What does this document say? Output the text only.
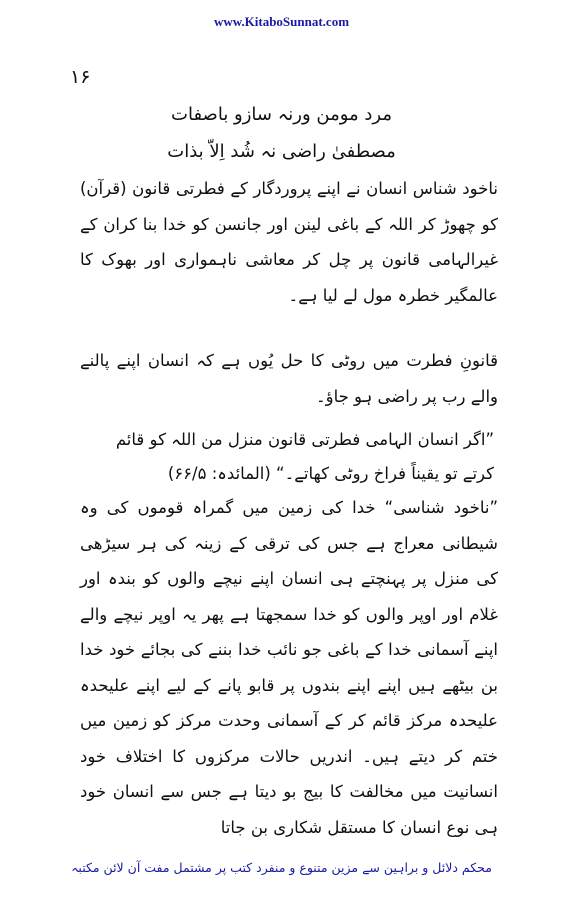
www.KitaboSunnat.com
۱۶
مرد مومن ورنہ سازو باصفات
مصطفیٰ راضی نہ شُد اِلاّ بذات

ناخود شناس انسان نے اپنے پروردگار کے فطرتی قانون (قرآن) کو چھوڑ کر اللہ کے باغی لینن اور جانسن کو خدا بنا کران کے غیرالہامی قانون پر چل کر معاشی ناہمواری اور بھوک کا عالمگیر خطرہ مول لے لیا ہے۔

قانونِ فطرت میں روٹی کا حل یُوں ہے کہ انسان اپنے پالنے والے رب پر راضی ہو جاؤ۔

”اگر انسان الہامی فطرتی قانون منزل من اللہ کو قائم کرتے تو یقیناً فراخ روٹی کھاتے۔“ (المائدہ: ۶۶/۵)

”ناخود شناسی“ خدا کی زمین میں گمراہ قوموں کی وہ شیطانی معراج ہے جس کی ترقی کے زینہ کی ہر سیڑھی کی منزل پر پہنچتے ہی انسان اپنے نیچے والوں کو بندہ اور غلام اور اوپر والوں کو خدا سمجھتا ہے پھر یہ اوپر نیچے والے اپنے آسمانی خدا کے باغی جو نائب خدا بننے کی بجائے خود خدا بن بیٹھے ہیں اپنے اپنے بندوں پر قابو پانے کے لیے اپنے علیحدہ علیحدہ مرکز قائم کر کے آسمانی وحدت مرکز کو زمین میں ختم کر دیتے ہیں۔ اندریں حالات مرکزوں کا اختلاف خود انسانیت میں مخالفت کا بیج بو دیتا ہے جس سے انسان خود ہی نوع انسان کا مستقل شکاری بن جاتا

محکم دلائل و براہین سے مزین متنوع و منفرد کتب پر مشتمل مفت آن لائن مکتبہ
